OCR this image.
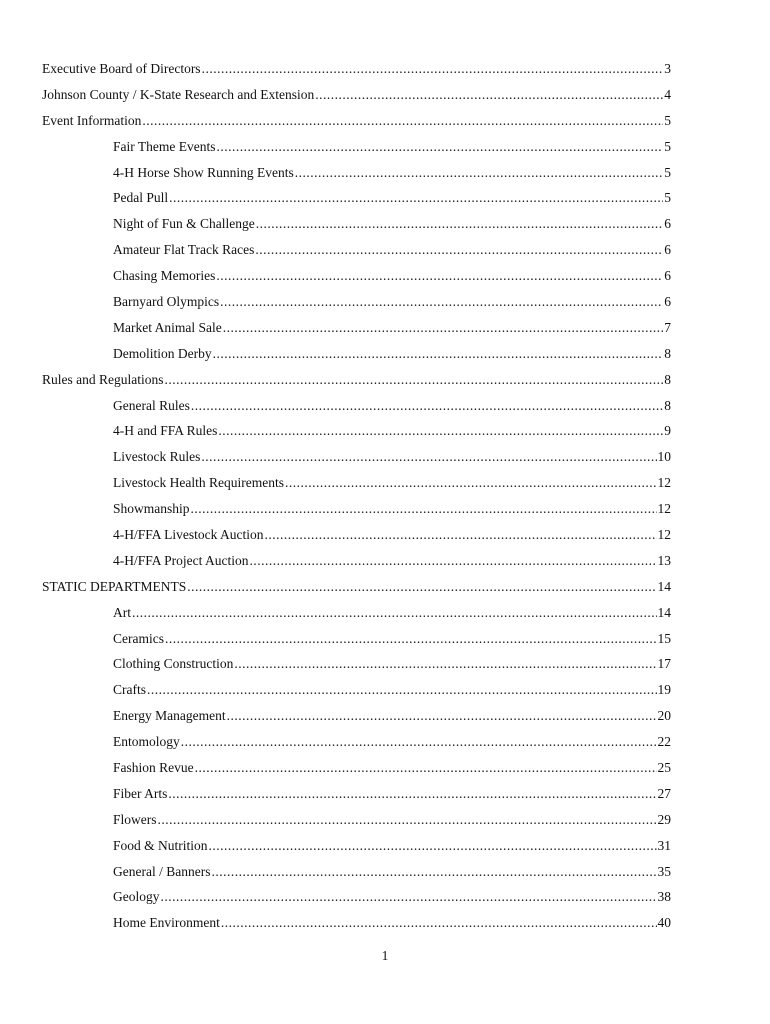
Executive Board of Directors .....	3
Johnson County / K-State Research and Extension .....	4
Event Information .....	5
Fair Theme Events .....	5
4-H Horse Show Running Events .....	5
Pedal Pull .....	5
Night of Fun & Challenge .....	6
Amateur Flat Track Races .....	6
Chasing Memories .....	6
Barnyard Olympics .....	6
Market Animal Sale .....	7
Demolition Derby .....	8
Rules and Regulations .....	8
General Rules .....	8
4-H and FFA Rules .....	9
Livestock Rules .....	10
Livestock Health Requirements .....	12
Showmanship .....	12
4-H/FFA Livestock Auction .....	12
4-H/FFA Project Auction .....	13
STATIC DEPARTMENTS .....	14
Art .....	14
Ceramics .....	15
Clothing Construction .....	17
Crafts .....	19
Energy Management .....	20
Entomology .....	22
Fashion Revue .....	25
Fiber Arts .....	27
Flowers .....	29
Food & Nutrition .....	31
General / Banners .....	35
Geology .....	38
Home Environment .....	40
1
